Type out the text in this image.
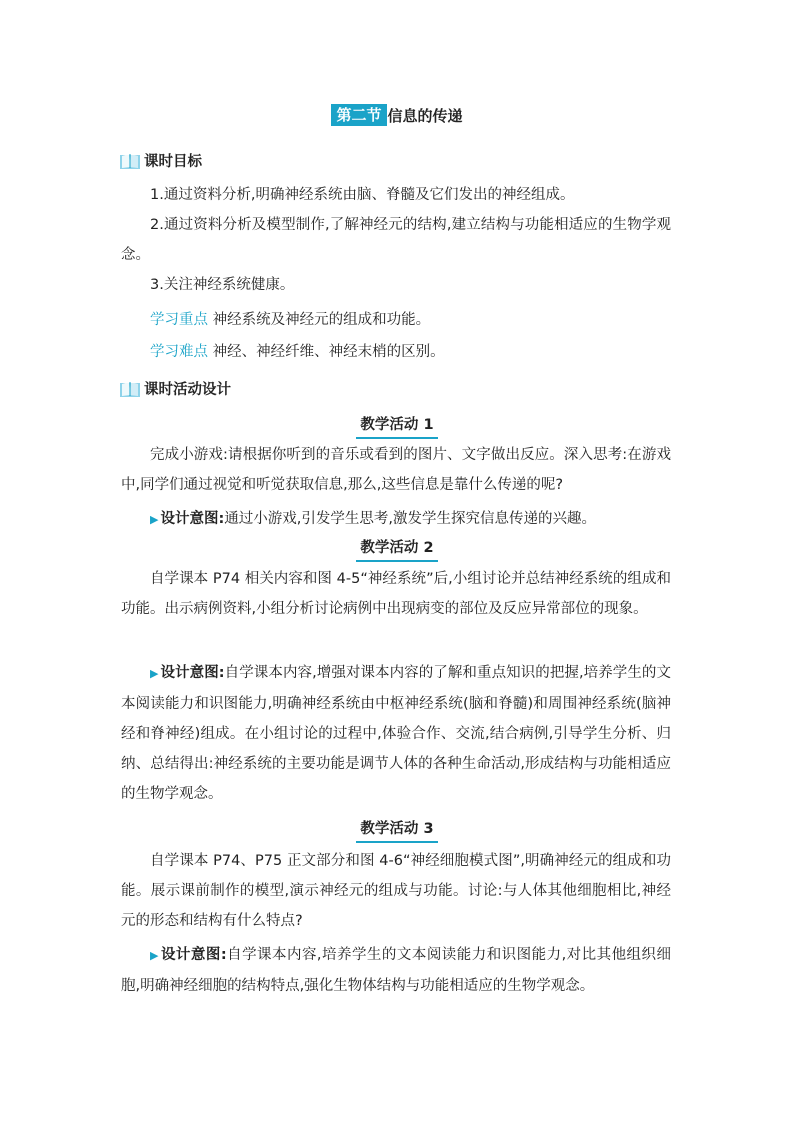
第二节 信息的传递
课时目标

1.通过资料分析,明确神经系统由脑、脊髓及它们发出的神经组成。

2.通过资料分析及模型制作,了解神经元的结构,建立结构与功能相适应的生物学观念。

3.关注神经系统健康。

学习重点 神经系统及神经元的组成和功能。

学习难点 神经、神经纤维、神经末梢的区别。

课时活动设计
教学活动 1

完成小游戏:请根据你听到的音乐或看到的图片、文字做出反应。深入思考:在游戏中,同学们通过视觉和听觉获取信息,那么,这些信息是靠什么传递的呢?

▶ 设计意图:通过小游戏,引发学生思考,激发学生探究信息传递的兴趣。

教学活动 2

自学课本 P74 相关内容和图 4-5“神经系统”后,小组讨论并总结神经系统的组成和功能。出示病例资料,小组分析讨论病例中出现病变的部位及反应异常部位的现象。

▶ 设计意图:自学课本内容,增强对课本内容的了解和重点知识的把握,培养学生的文本阅读能力和识图能力,明确神经系统由中枢神经系统(脑和脊髓)和周围神经系统(脑神经和脊神经)组成。在小组讨论的过程中,体验合作、交流,结合病例,引导学生分析、归纳、总结得出:神经系统的主要功能是调节人体的各种生命活动,形成结构与功能相适应的生物学观念。

教学活动 3

自学课本 P74、P75 正文部分和图 4-6“神经细胞模式图”,明确神经元的组成和功能。展示课前制作的模型,演示神经元的组成与功能。讨论:与人体其他细胞相比,神经元的形态和结构有什么特点?

▶ 设计意图:自学课本内容,培养学生的文本阅读能力和识图能力,对比其他组织细胞,明确神经细胞的结构特点,强化生物体结构与功能相适应的生物学观念。
